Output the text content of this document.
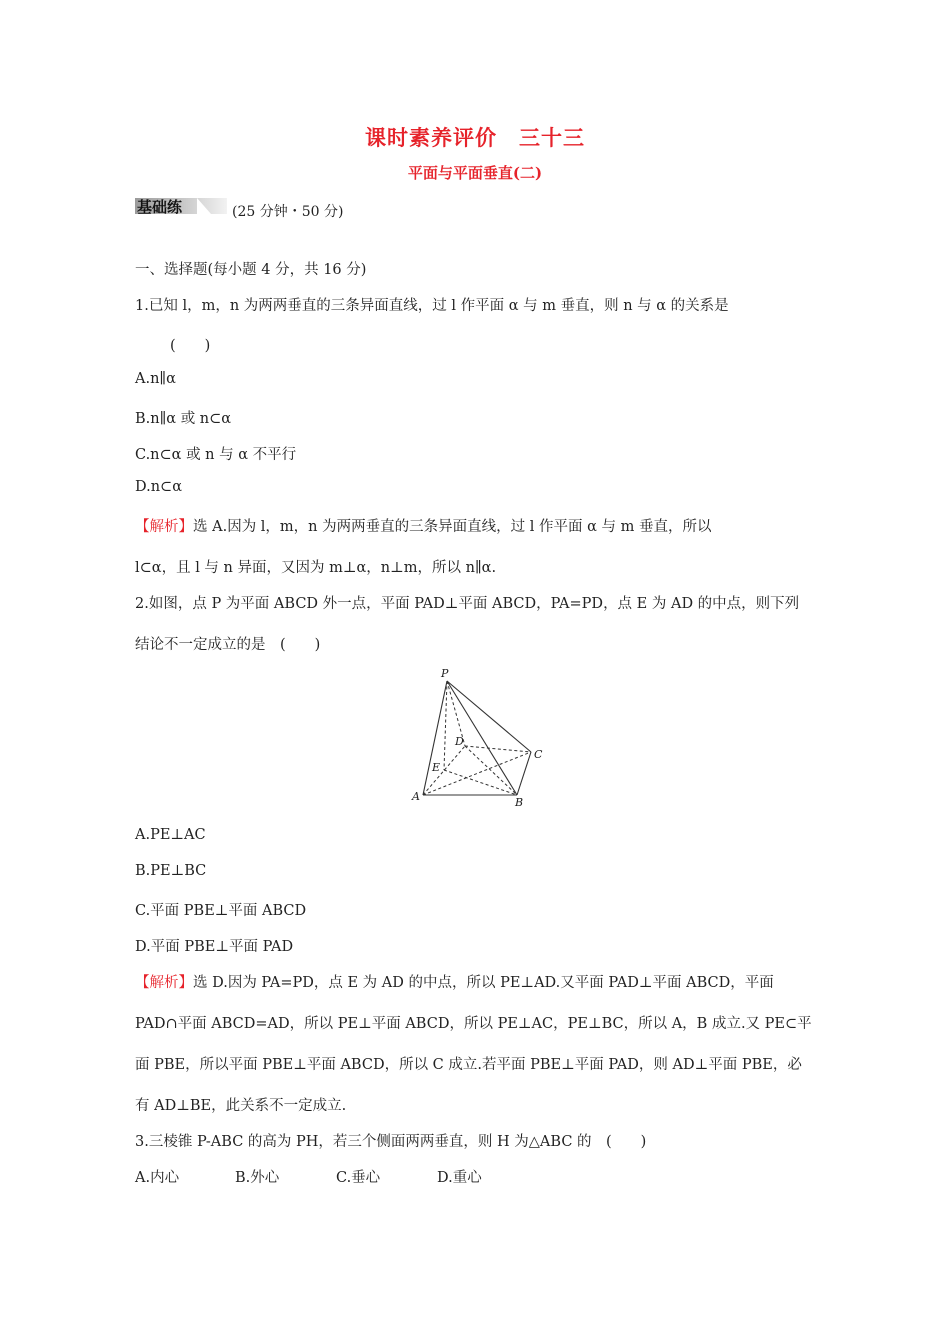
课时素养评价　三十三
平面与平面垂直(二)
基础练	(25 分钟・50 分)
一、选择题(每小题 4 分，共 16 分)
1.已知 l，m，n 为两两垂直的三条异面直线，过 l 作平面 α 与 m 垂直，则 n 与 α 的关系是
(　　)
A.n∥α
B.n∥α 或 n⊂α
C.n⊂α 或 n 与 α 不平行
D.n⊂α
【解析】选 A.因为 l，m，n 为两两垂直的三条异面直线，过 l 作平面 α 与 m 垂直，所以
l⊂α，且 l 与 n 异面，又因为 m⊥α，n⊥m，所以 n∥α.
2.如图，点 P 为平面 ABCD 外一点，平面 PAD⊥平面 ABCD，PA=PD，点 E 为 AD 的中点，则下列
结论不一定成立的是　(　　)
P
D
C
E
A	B
A.PE⊥AC
B.PE⊥BC
C.平面 PBE⊥平面 ABCD
D.平面 PBE⊥平面 PAD
【解析】选 D.因为 PA=PD，点 E 为 AD 的中点，所以 PE⊥AD.又平面 PAD⊥平面 ABCD，平面
PAD∩平面 ABCD=AD，所以 PE⊥平面 ABCD，所以 PE⊥AC，PE⊥BC，所以 A，B 成立.又 PE⊂平
面 PBE，所以平面 PBE⊥平面 ABCD，所以 C 成立.若平面 PBE⊥平面 PAD，则 AD⊥平面 PBE，必
有 AD⊥BE，此关系不一定成立.
3.三棱锥 P-ABC 的高为 PH，若三个侧面两两垂直，则 H 为△ABC 的　(　　)
A.内心	B.外心	C.垂心	D.重心
